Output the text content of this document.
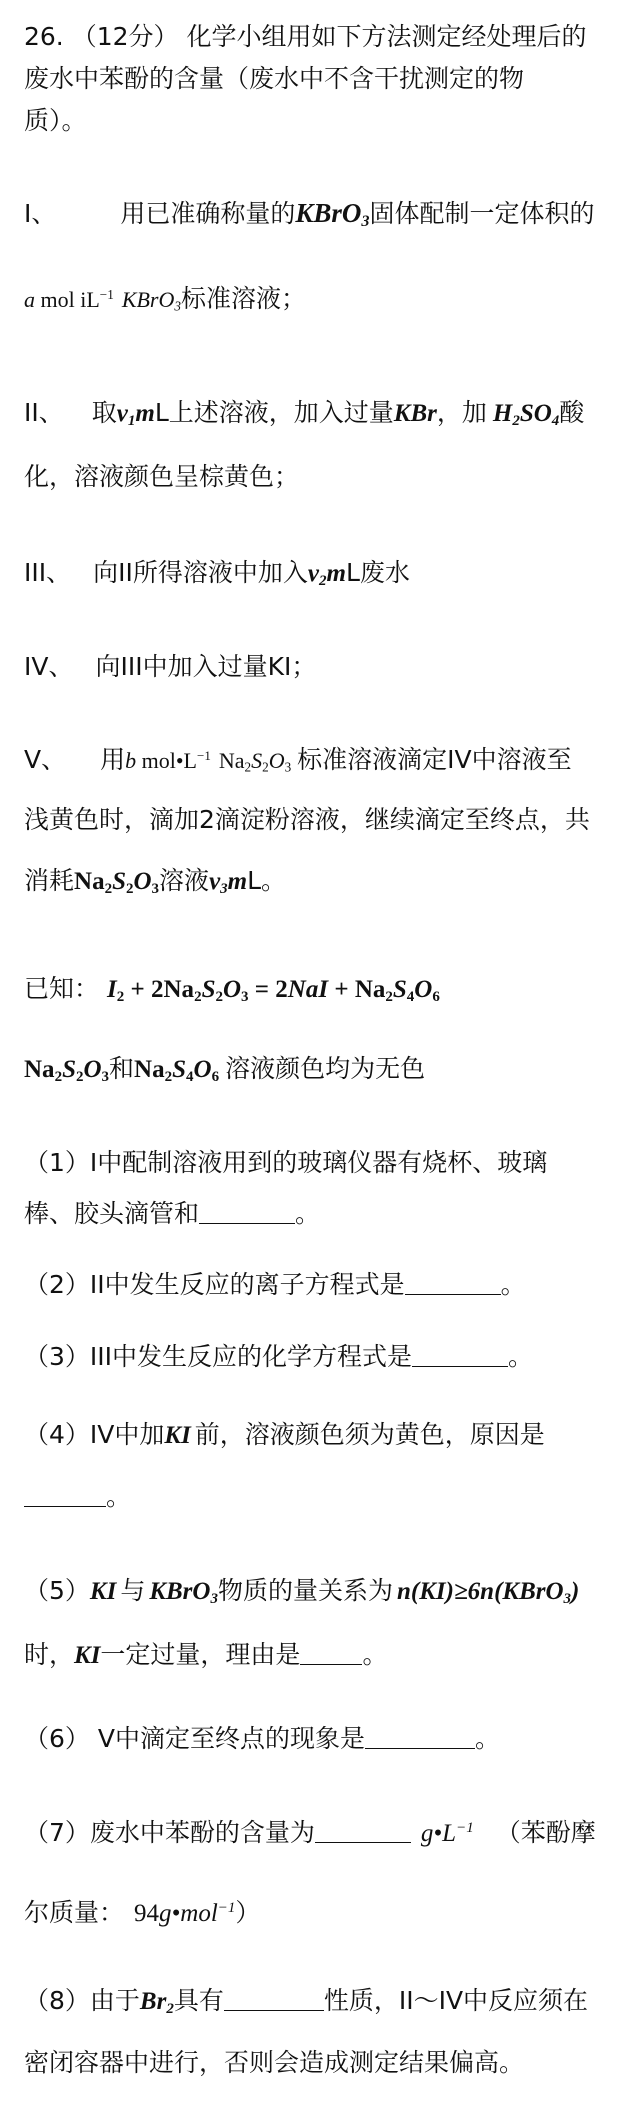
26. （12分） 化学小组用如下方法测定经处理后的
废水中苯酚的含量（废水中不含干扰测定的物
质）。
I、	用已准确称量的KBrO$_3$固体配制一定体积的
a mol $iL^{-1}$ KBrO$_3$标准溶液；
II、 取$v_1mL$上述溶液，加入过量KBr，加 $H_2SO_4$酸
化，溶液颜色呈棕黄色；
III、 向II所得溶液中加入$v_2mL$废水
IV、 向III中加入过量KI；
V、 用b $mol•L^{-1}$ $Na_2S_2O_3$ 标准溶液滴定IV中溶液至
浅黄色时，滴加2滴淀粉溶液，继续滴定至终点，共
消耗$Na_2S_2O_3$溶液$v_3mL$。
已知： $I_2 + 2Na_2S_2O_3 = 2NaI + Na_2S_4O_6$
$Na_2S_2O_3$和$Na_2S_4O_6$ 溶液颜色均为无色
（1）I中配制溶液用到的玻璃仪器有烧杯、玻璃
棒、胶头滴管和	。
（2）II中发生反应的离子方程式是	。
（3）III中发生反应的化学方程式是	。
（4）IV中加KI 前，溶液颜色须为黄色，原因是
。
（5）KI 与 KBrO$_3$物质的量关系为 n(KI)≥6n(KBrO$_3$)
时，KI一定过量，理由是 。
（6） V中滴定至终点的现象是	。
（7）废水中苯酚的含量为	$g•L^{-1}$ （苯酚摩
尔质量： 94g•mol$^{-1}$）
（8）由于$Br_2$具有	性质，II～IV中反应须在
密闭容器中进行，否则会造成测定结果偏高。
